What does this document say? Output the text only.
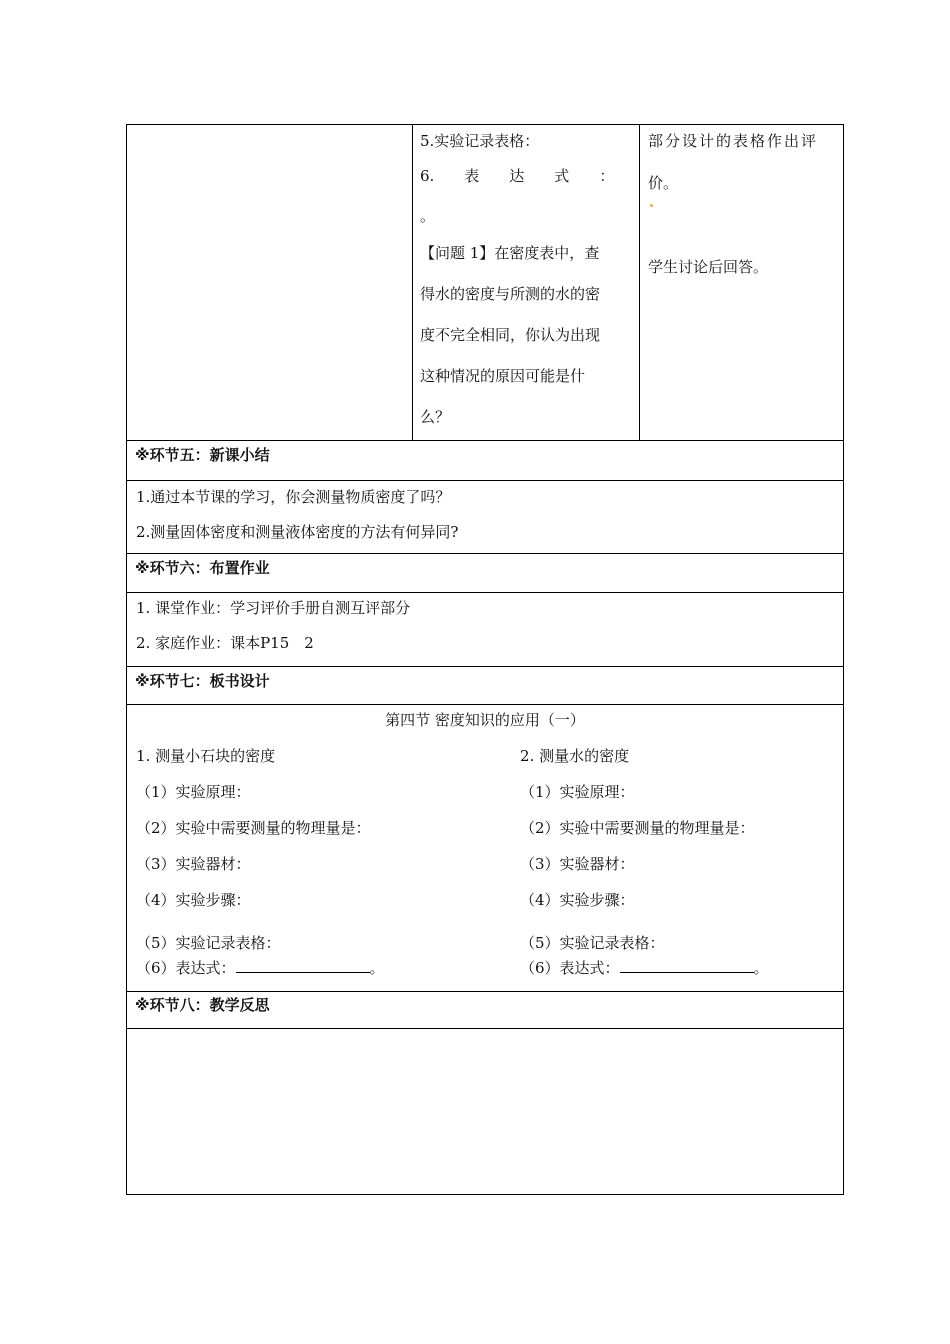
5.实验记录表格：
6.　　表　　达　　式　　：
。
【问题 1】在密度表中，查
得水的密度与所测的水的密
度不完全相同，你认为出现
这种情况的原因可能是什
么？
部分设计的表格作出评
价。
学生讨论后回答。
※环节五：新课小结
1.通过本节课的学习，你会测量物质密度了吗？
2.测量固体密度和测量液体密度的方法有何异同?
※环节六：布置作业
1. 课堂作业：学习评价手册自测互评部分
2. 家庭作业：课本P15　2
※环节七：板书设计
第四节 密度知识的应用（一）
1. 测量小石块的密度
（1）实验原理：
（2）实验中需要测量的物理量是：
（3）实验器材：
（4）实验步骤：
（5）实验记录表格：
（6）表达式：	。
2. 测量水的密度
（1）实验原理：
（2）实验中需要测量的物理量是：
（3）实验器材：
（4）实验步骤：
（5）实验记录表格：
（6）表达式：	。
※环节八：教学反思
